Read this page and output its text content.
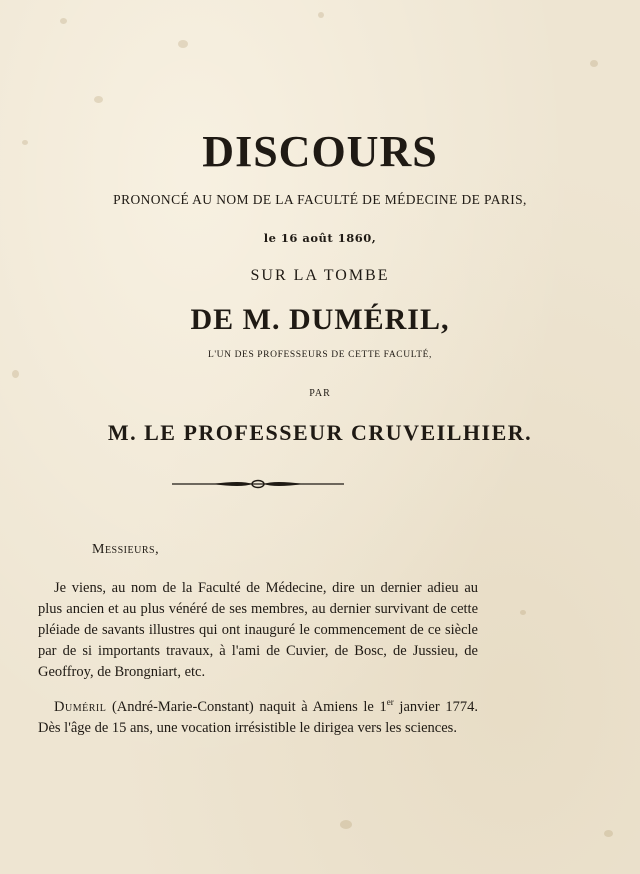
DISCOURS
PRONONCÉ AU NOM DE LA FACULTÉ DE MÉDECINE DE PARIS,
le 16 août 1860,
SUR LA TOMBE
DE M. DUMÉRIL,
L'UN DES PROFESSEURS DE CETTE FACULTÉ,
PAR
M. LE PROFESSEUR CRUVEILHIER.
Messieurs,
Je viens, au nom de la Faculté de Médecine, dire un dernier adieu au plus ancien et au plus vénéré de ses membres, au dernier survivant de cette pléiade de savants illustres qui ont inauguré le commencement de ce siècle par de si importants travaux, à l'ami de Cuvier, de Bosc, de Jussieu, de Geoffroy, de Brongniart, etc.
Duméril (André-Marie-Constant) naquit à Amiens le 1er janvier 1774. Dès l'âge de 15 ans, une vocation irrésistible le dirigea vers les sciences.
